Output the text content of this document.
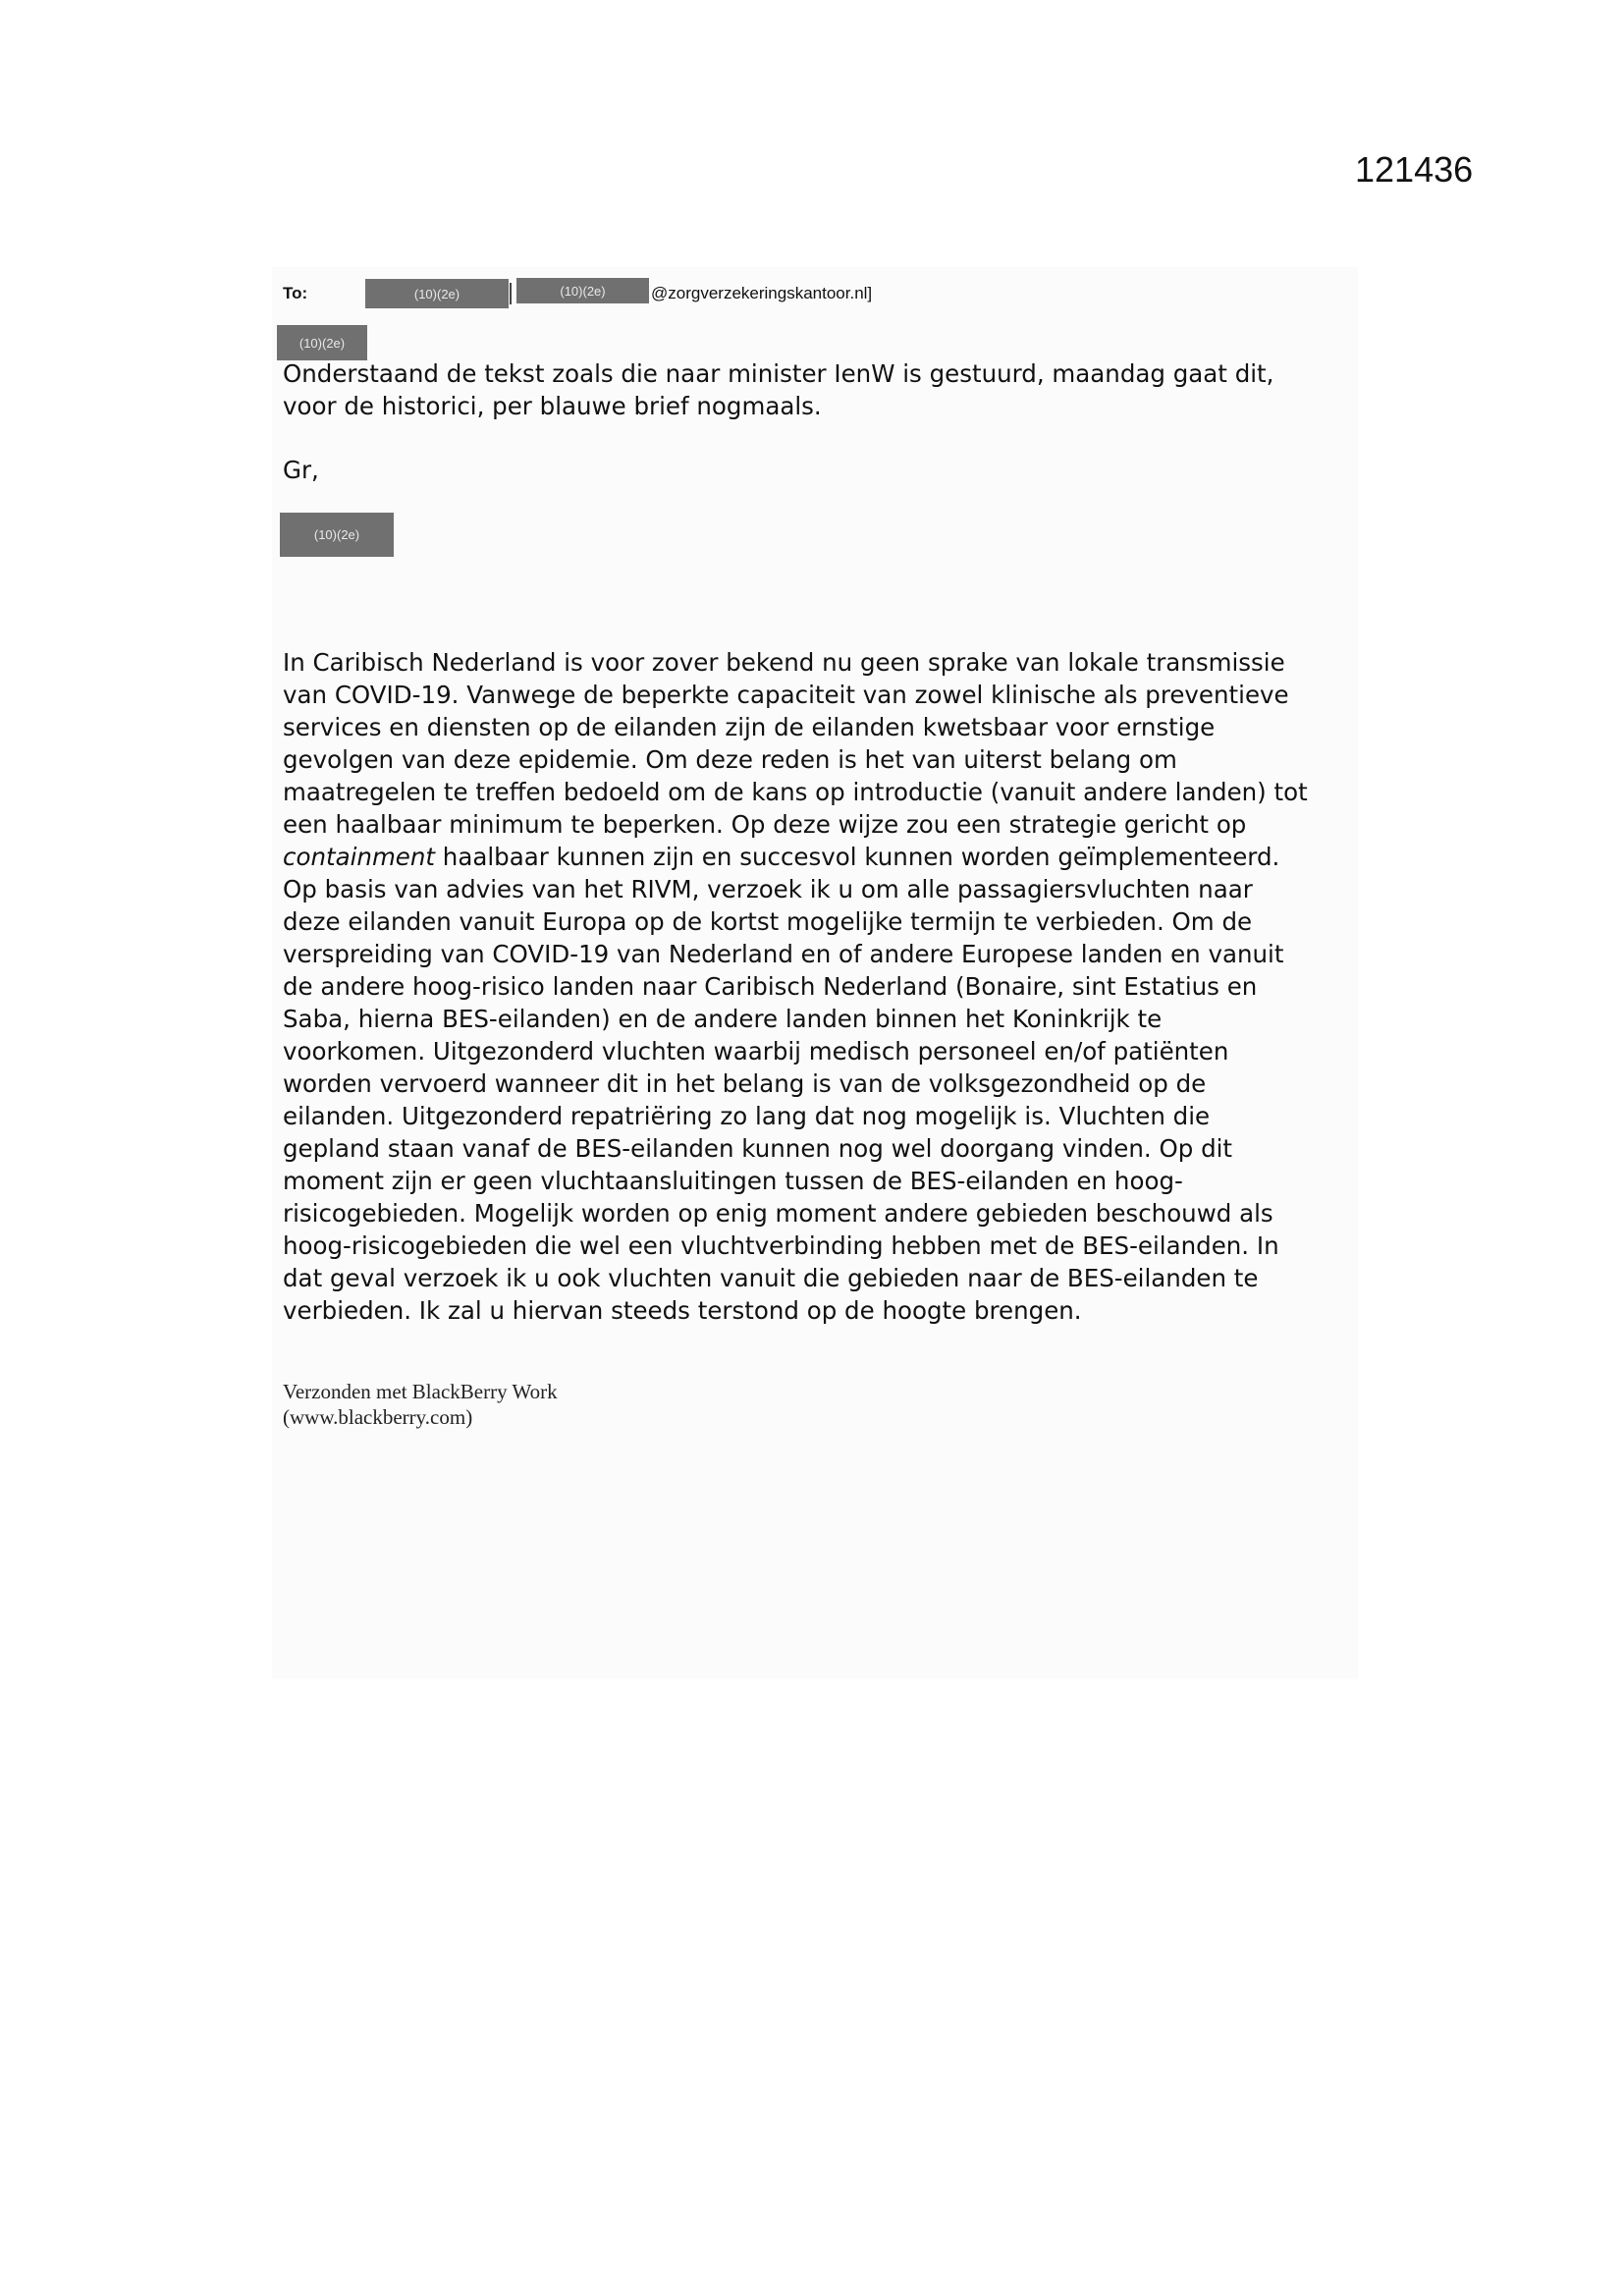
121436
To:	(10)(2e)	(10)(2e)	@zorgverzekeringskantoor.nl]
(10)(2e)

Onderstaand de tekst zoals die naar minister IenW is gestuurd, maandag gaat dit,
voor de historici, per blauwe brief nogmaals.

Gr,

(10)(2e)

In Caribisch Nederland is voor zover bekend nu geen sprake van lokale transmissie
van COVID-19. Vanwege de beperkte capaciteit van zowel klinische als preventieve
services en diensten op de eilanden zijn de eilanden kwetsbaar voor ernstige
gevolgen van deze epidemie. Om deze reden is het van uiterst belang om
maatregelen te treffen bedoeld om de kans op introductie (vanuit andere landen) tot
een haalbaar minimum te beperken. Op deze wijze zou een strategie gericht op
containment haalbaar kunnen zijn en succesvol kunnen worden geïmplementeerd.
Op basis van advies van het RIVM, verzoek ik u om alle passagiersvluchten naar
deze eilanden vanuit Europa op de kortst mogelijke termijn te verbieden. Om de
verspreiding van COVID-19 van Nederland en of andere Europese landen en vanuit
de andere hoog-risico landen naar Caribisch Nederland (Bonaire, sint Estatius en
Saba, hierna BES-eilanden) en de andere landen binnen het Koninkrijk te
voorkomen. Uitgezonderd vluchten waarbij medisch personeel en/of patiënten
worden vervoerd wanneer dit in het belang is van de volksgezondheid op de
eilanden. Uitgezonderd repatriëring zo lang dat nog mogelijk is. Vluchten die
gepland staan vanaf de BES-eilanden kunnen nog wel doorgang vinden. Op dit
moment zijn er geen vluchtaansluitingen tussen de BES-eilanden en hoog-
risicogebieden. Mogelijk worden op enig moment andere gebieden beschouwd als
hoog-risicogebieden die wel een vluchtverbinding hebben met de BES-eilanden. In
dat geval verzoek ik u ook vluchten vanuit die gebieden naar de BES-eilanden te
verbieden. Ik zal u hiervan steeds terstond op de hoogte brengen.

Verzonden met BlackBerry Work
(www.blackberry.com)
